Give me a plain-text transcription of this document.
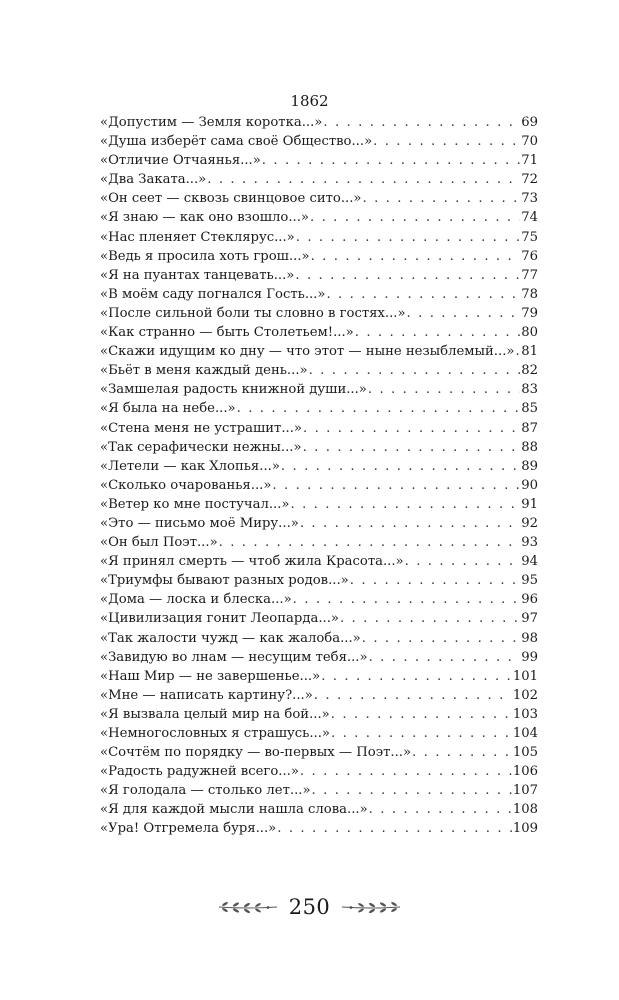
1862
«Допустим — Земля коротка...» . . .	69
«Душа изберёт сама своё Общество...» . . .	70
«Отличие Отчаянья...» . . .	71
«Два Заката...» . . .	72
«Он сеет — сквозь свинцовое сито...» . . .	73
«Я знаю — как оно взошло...» . . .	74
«Нас пленяет Стеклярус...» . . .	75
«Ведь я просила хоть грош...» . . .	76
«Я на пуантах танцевать...» . . .	77
«В моём саду погнался Гость...» . . .	78
«После сильной боли ты словно в гостях...» . . .	79
«Как странно — быть Столетьем!...» . . .	80
«Скажи идущим ко дну — что этот — ныне незыблемый...» . . . 81
«Бьёт в меня каждый день...» . . .	82
«Замшелая радость книжной души...» . . .	83
«Я была на небе...» . . .	85
«Стена меня не устрашит...» . . .	87
«Так серафически нежны...» . . .	88
«Летели — как Хлопья...» . . .	89
«Сколько очарованья...» . . .	90
«Ветер ко мне постучал...» . . .	91
«Это — письмо моё Миру...» . . .	92
«Он был Поэт...» . . .	93
«Я принял смерть — чтоб жила Красота...» . . .	94
«Триумфы бывают разных родов...» . . .	95
«Дома — лоска и блеска...» . . .	96
«Цивилизация гонит Леопарда...» . . .	97
«Так жалости чужд — как жалоба...» . . .	98
«Завидую во лнам — несущим тебя...» . . .	99
«Наш Мир — не завершенье...» . . .	101
«Мне — написать картину?...» . . .	102
«Я вызвала целый мир на бой...» . . .	103
«Немногословных я страшусь...» . . .	104
«Сочтём по порядку — во-первых — Поэт...» . . .	105
«Радость радужней всего...» . . .	106
«Я голодала — столько лет...» . . .	107
«Я для каждой мысли нашла слова...» . . .	108
«Ура! Отгремела буря...» . . .	109
250
